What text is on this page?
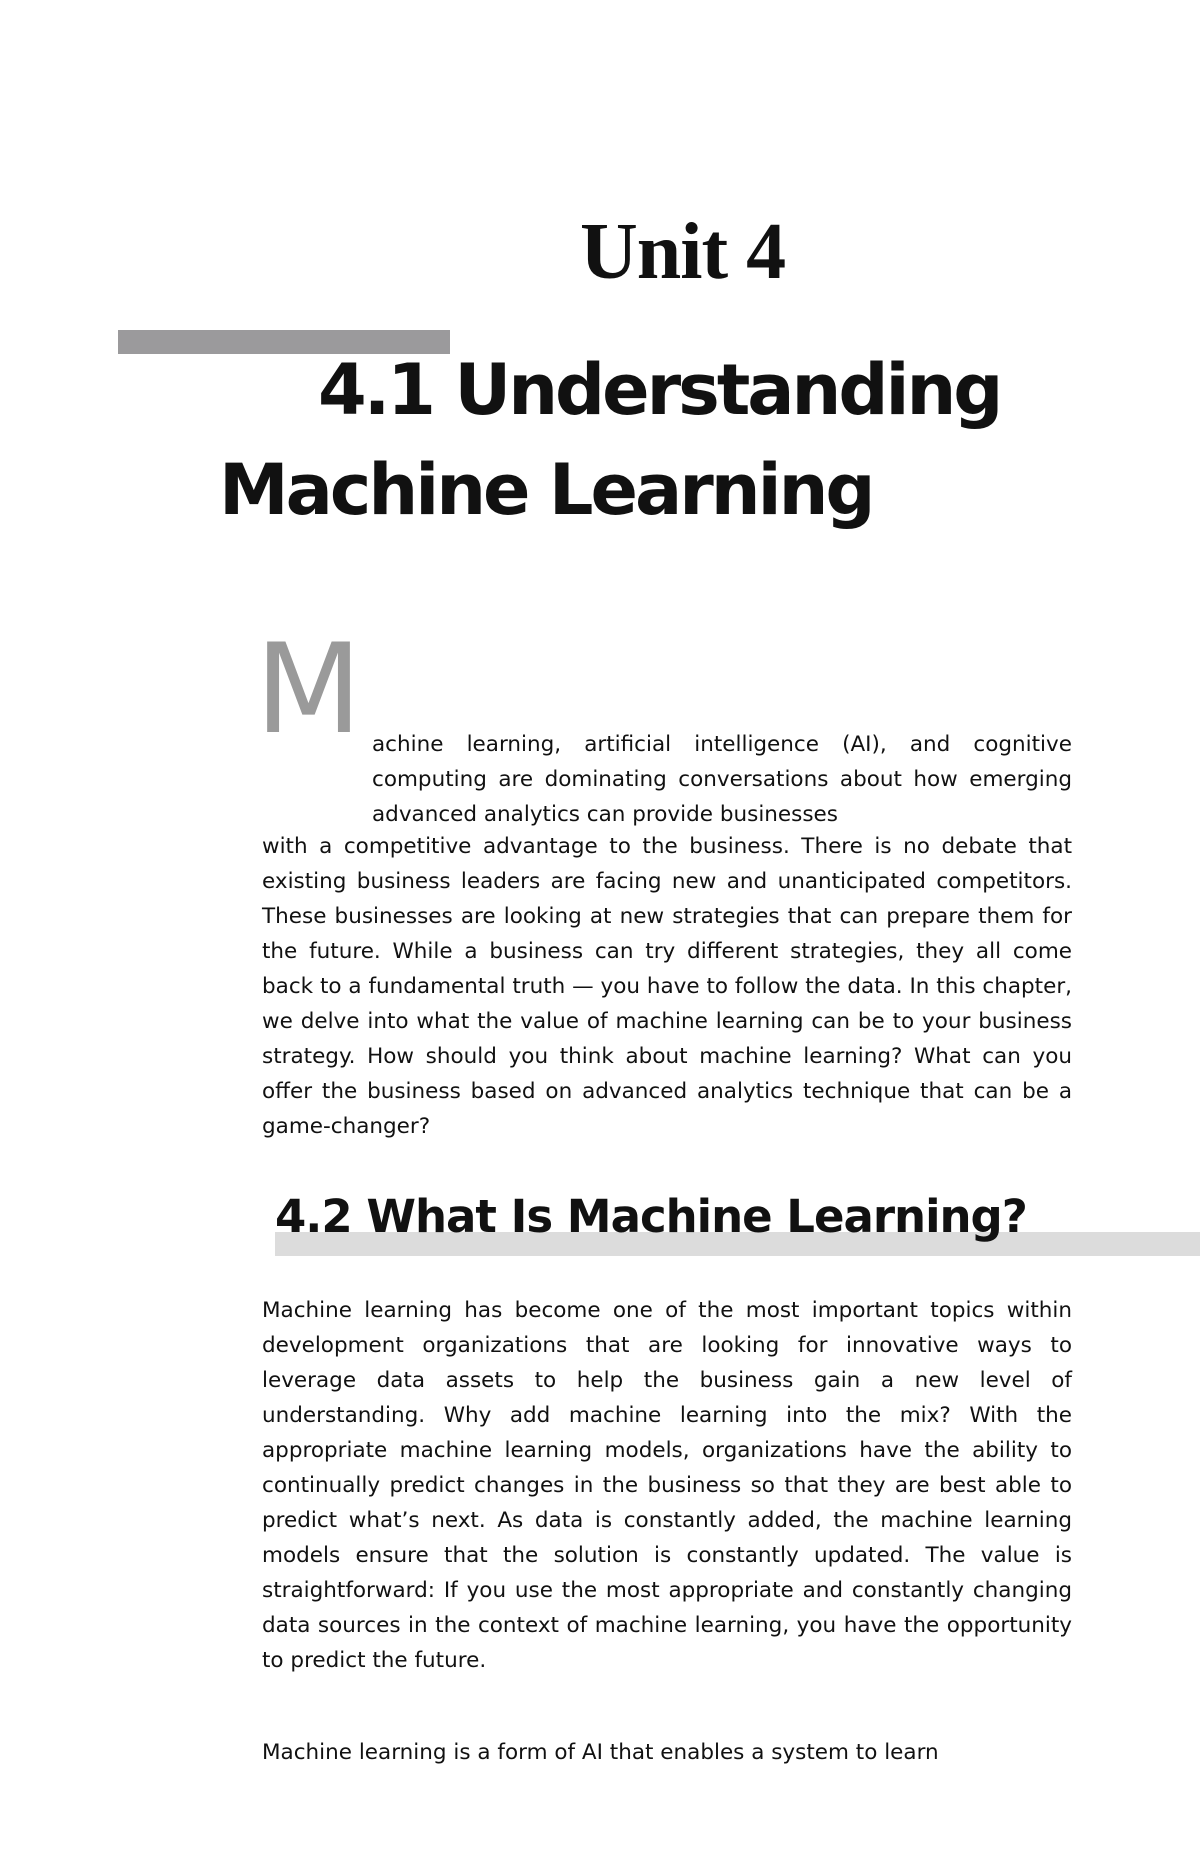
Unit 4
4.1 Understanding
Machine Learning
M achine learning, artificial intelligence (AI), and cognitive computing are dominating conversations about how emerging advanced analytics can provide businesses

with a competitive advantage to the business. There is no debate that existing business leaders are facing new and unanticipated competitors. These businesses are looking at new strategies that can prepare them for the future. While a business can try different strategies, they all come back to a fundamental truth — you have to follow the data. In this chapter, we delve into what the value of machine learning can be to your business strategy. How should you think about machine learning? What can you offer the business based on advanced analytics technique that can be a game-changer?

4.2 What Is Machine Learning?

Machine learning has become one of the most important topics within development organizations that are looking for innovative ways to leverage data assets to help the business gain a new level of understanding. Why add machine learning into the mix? With the appropriate machine learning models, organizations have the ability to continually predict changes in the business so that they are best able to predict what’s next. As data is constantly added, the machine learning models ensure that the solution is constantly updated. The value is straightforward: If you use the most appropriate and constantly changing data sources in the context of machine learning, you have the opportunity to predict the future.

Machine learning is a form of AI that enables a system to learn
